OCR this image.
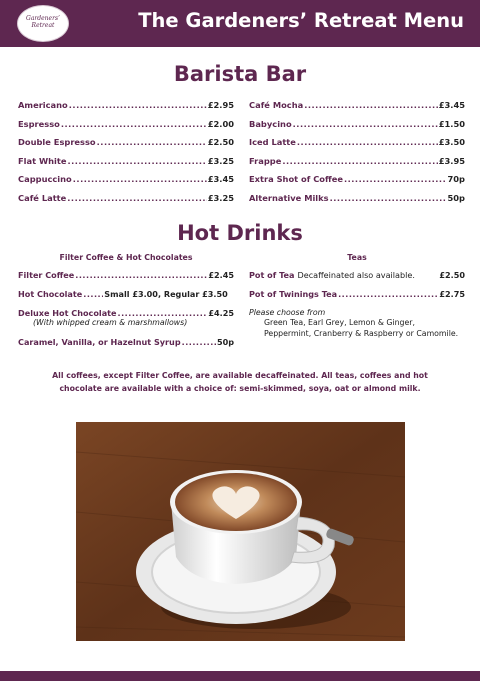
Gardeners’
Retreat	The Gardeners’ Retreat Menu
Barista Bar
Americano .....	£2.95
Espresso .....	£2.00
Double Espresso .....	£2.50
Flat White .....	£3.25
Cappuccino .....	£3.45
Café Latte .....	£3.25
Café Mocha .....	£3.45
Babycino .....	£1.50
Iced Latte .....	£3.50
Frappe .....	£3.95
Extra Shot of Coffee .....	70p
Alternative Milks .....	50p
Hot Drinks
Filter Coffee & Hot Chocolates	Teas
Filter Coffee .....	£2.45
Hot Chocolate .....	Small £3.00, Regular £3.50
Deluxe Hot Chocolate .....	£4.25
(With whipped cream & marshmallows)
Caramel, Vanilla, or Hazelnut Syrup .....	50p
Pot of Tea Decaffeinated also available.	£2.50
Pot of Twinings Tea .....	£2.75
Please choose from
Green Tea, Earl Grey, Lemon & Ginger, Peppermint, Cranberry & Raspberry or Camomile.
All coffees, except Filter Coffee, are available decaffeinated. All teas, coffees and hot
chocolate are available with a choice of: semi-skimmed, soya, oat or almond milk.
